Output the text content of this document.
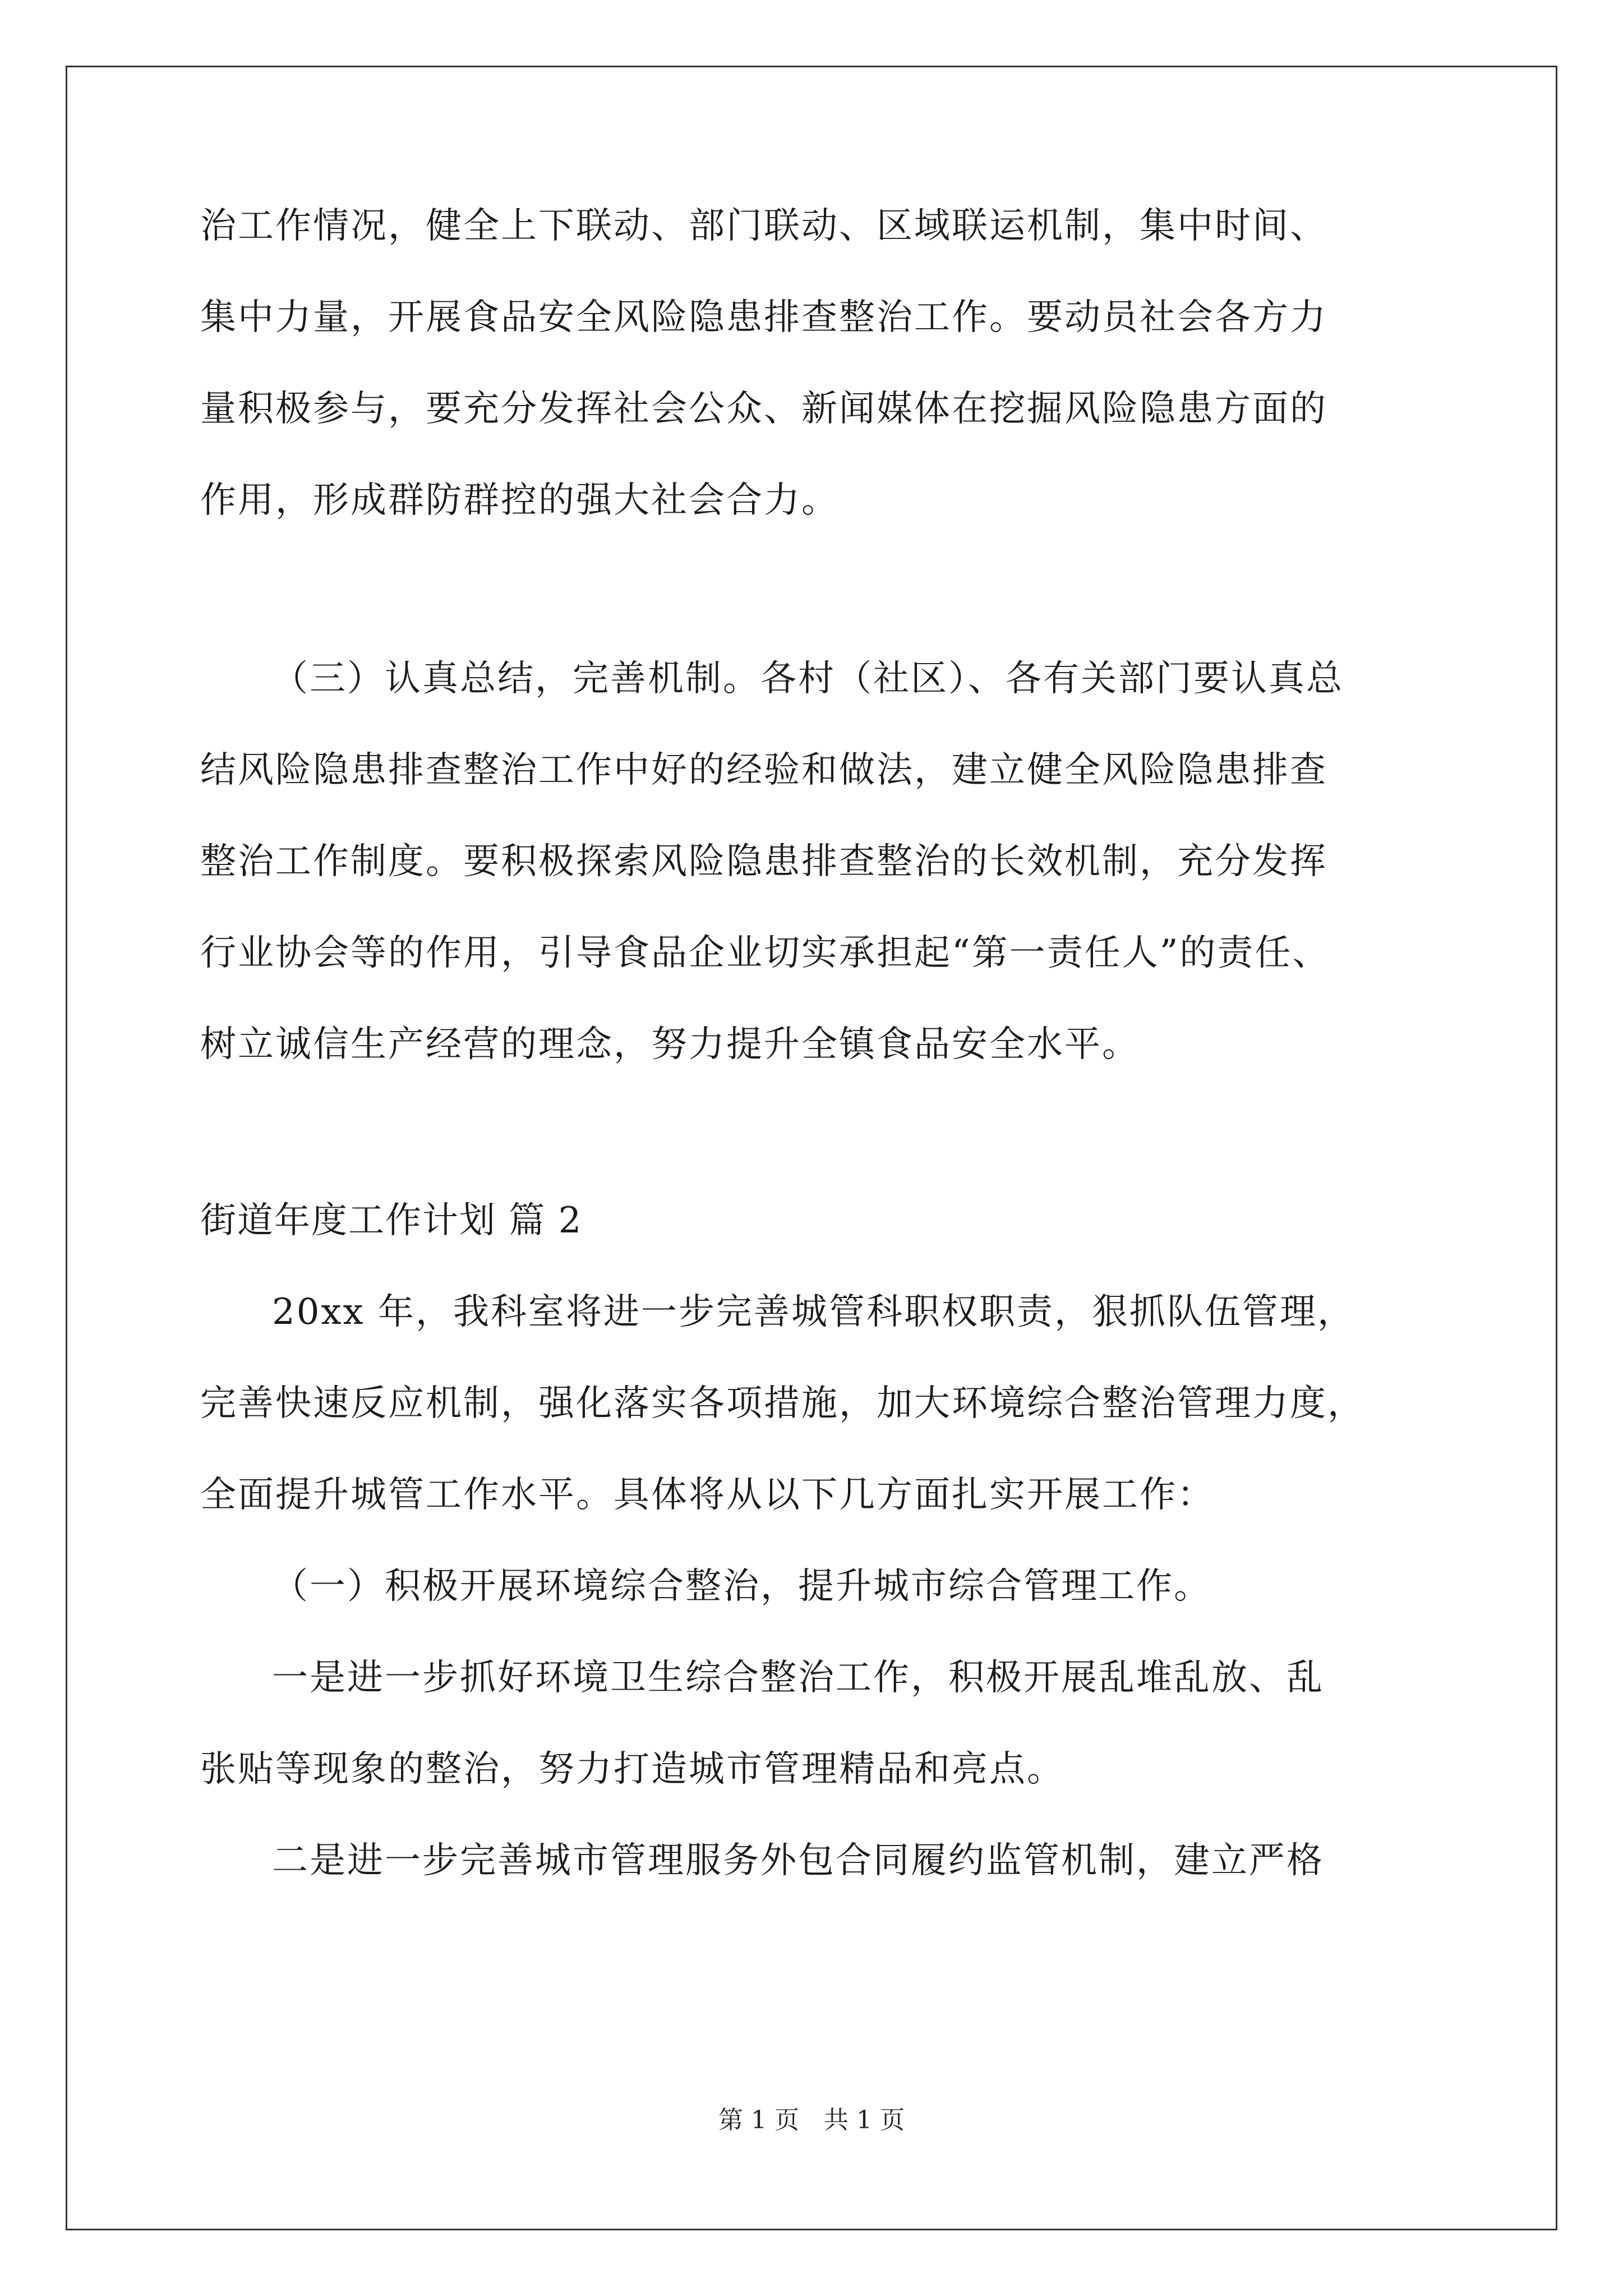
治工作情况，健全上下联动、部门联动、区域联运机制，集中时间、
集中力量，开展食品安全风险隐患排查整治工作。要动员社会各方力
量积极参与，要充分发挥社会公众、新闻媒体在挖掘风险隐患方面的
作用，形成群防群控的强大社会合力。
（三）认真总结，完善机制。各村（社区）、各有关部门要认真总
结风险隐患排查整治工作中好的经验和做法，建立健全风险隐患排查
整治工作制度。要积极探索风险隐患排查整治的长效机制，充分发挥
行业协会等的作用，引导食品企业切实承担起“第一责任人”的责任、
树立诚信生产经营的理念，努力提升全镇食品安全水平。
街道年度工作计划 篇 2
20xx 年，我科室将进一步完善城管科职权职责，狠抓队伍管理，
完善快速反应机制，强化落实各项措施，加大环境综合整治管理力度，
全面提升城管工作水平。具体将从以下几方面扎实开展工作：
（一）积极开展环境综合整治，提升城市综合管理工作。
一是进一步抓好环境卫生综合整治工作，积极开展乱堆乱放、乱
张贴等现象的整治，努力打造城市管理精品和亮点。
二是进一步完善城市管理服务外包合同履约监管机制，建立严格
第 1 页　共 1 页
